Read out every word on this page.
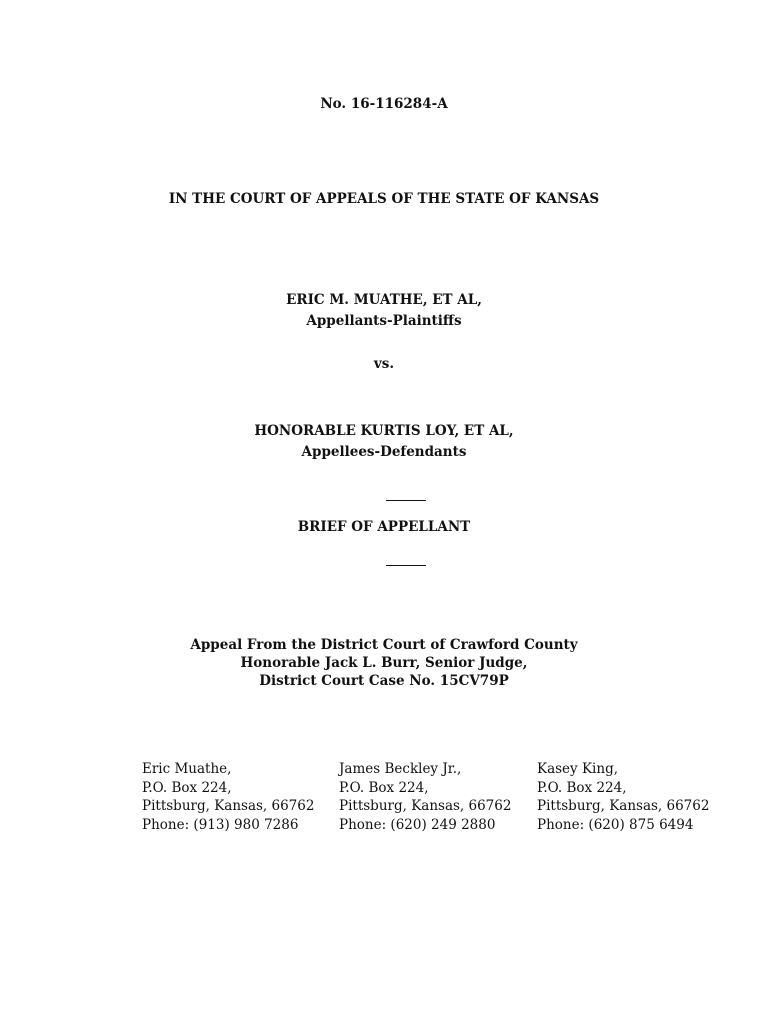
No. 16-116284-A
IN THE COURT OF APPEALS OF THE STATE OF KANSAS
ERIC M. MUATHE, ET AL,
Appellants-Plaintiffs
vs.
HONORABLE KURTIS LOY, ET AL,
Appellees-Defendants
BRIEF OF APPELLANT
Appeal From the District Court of Crawford County
Honorable Jack L. Burr, Senior Judge,
District Court Case No. 15CV79P
Eric Muathe,
P.O. Box 224,
Pittsburg, Kansas, 66762
Phone: (913) 980 7286
James Beckley Jr.,
P.O. Box 224,
Pittsburg, Kansas, 66762
Phone: (620) 249 2880
Kasey King,
P.O. Box 224,
Pittsburg, Kansas, 66762
Phone: (620) 875 6494
